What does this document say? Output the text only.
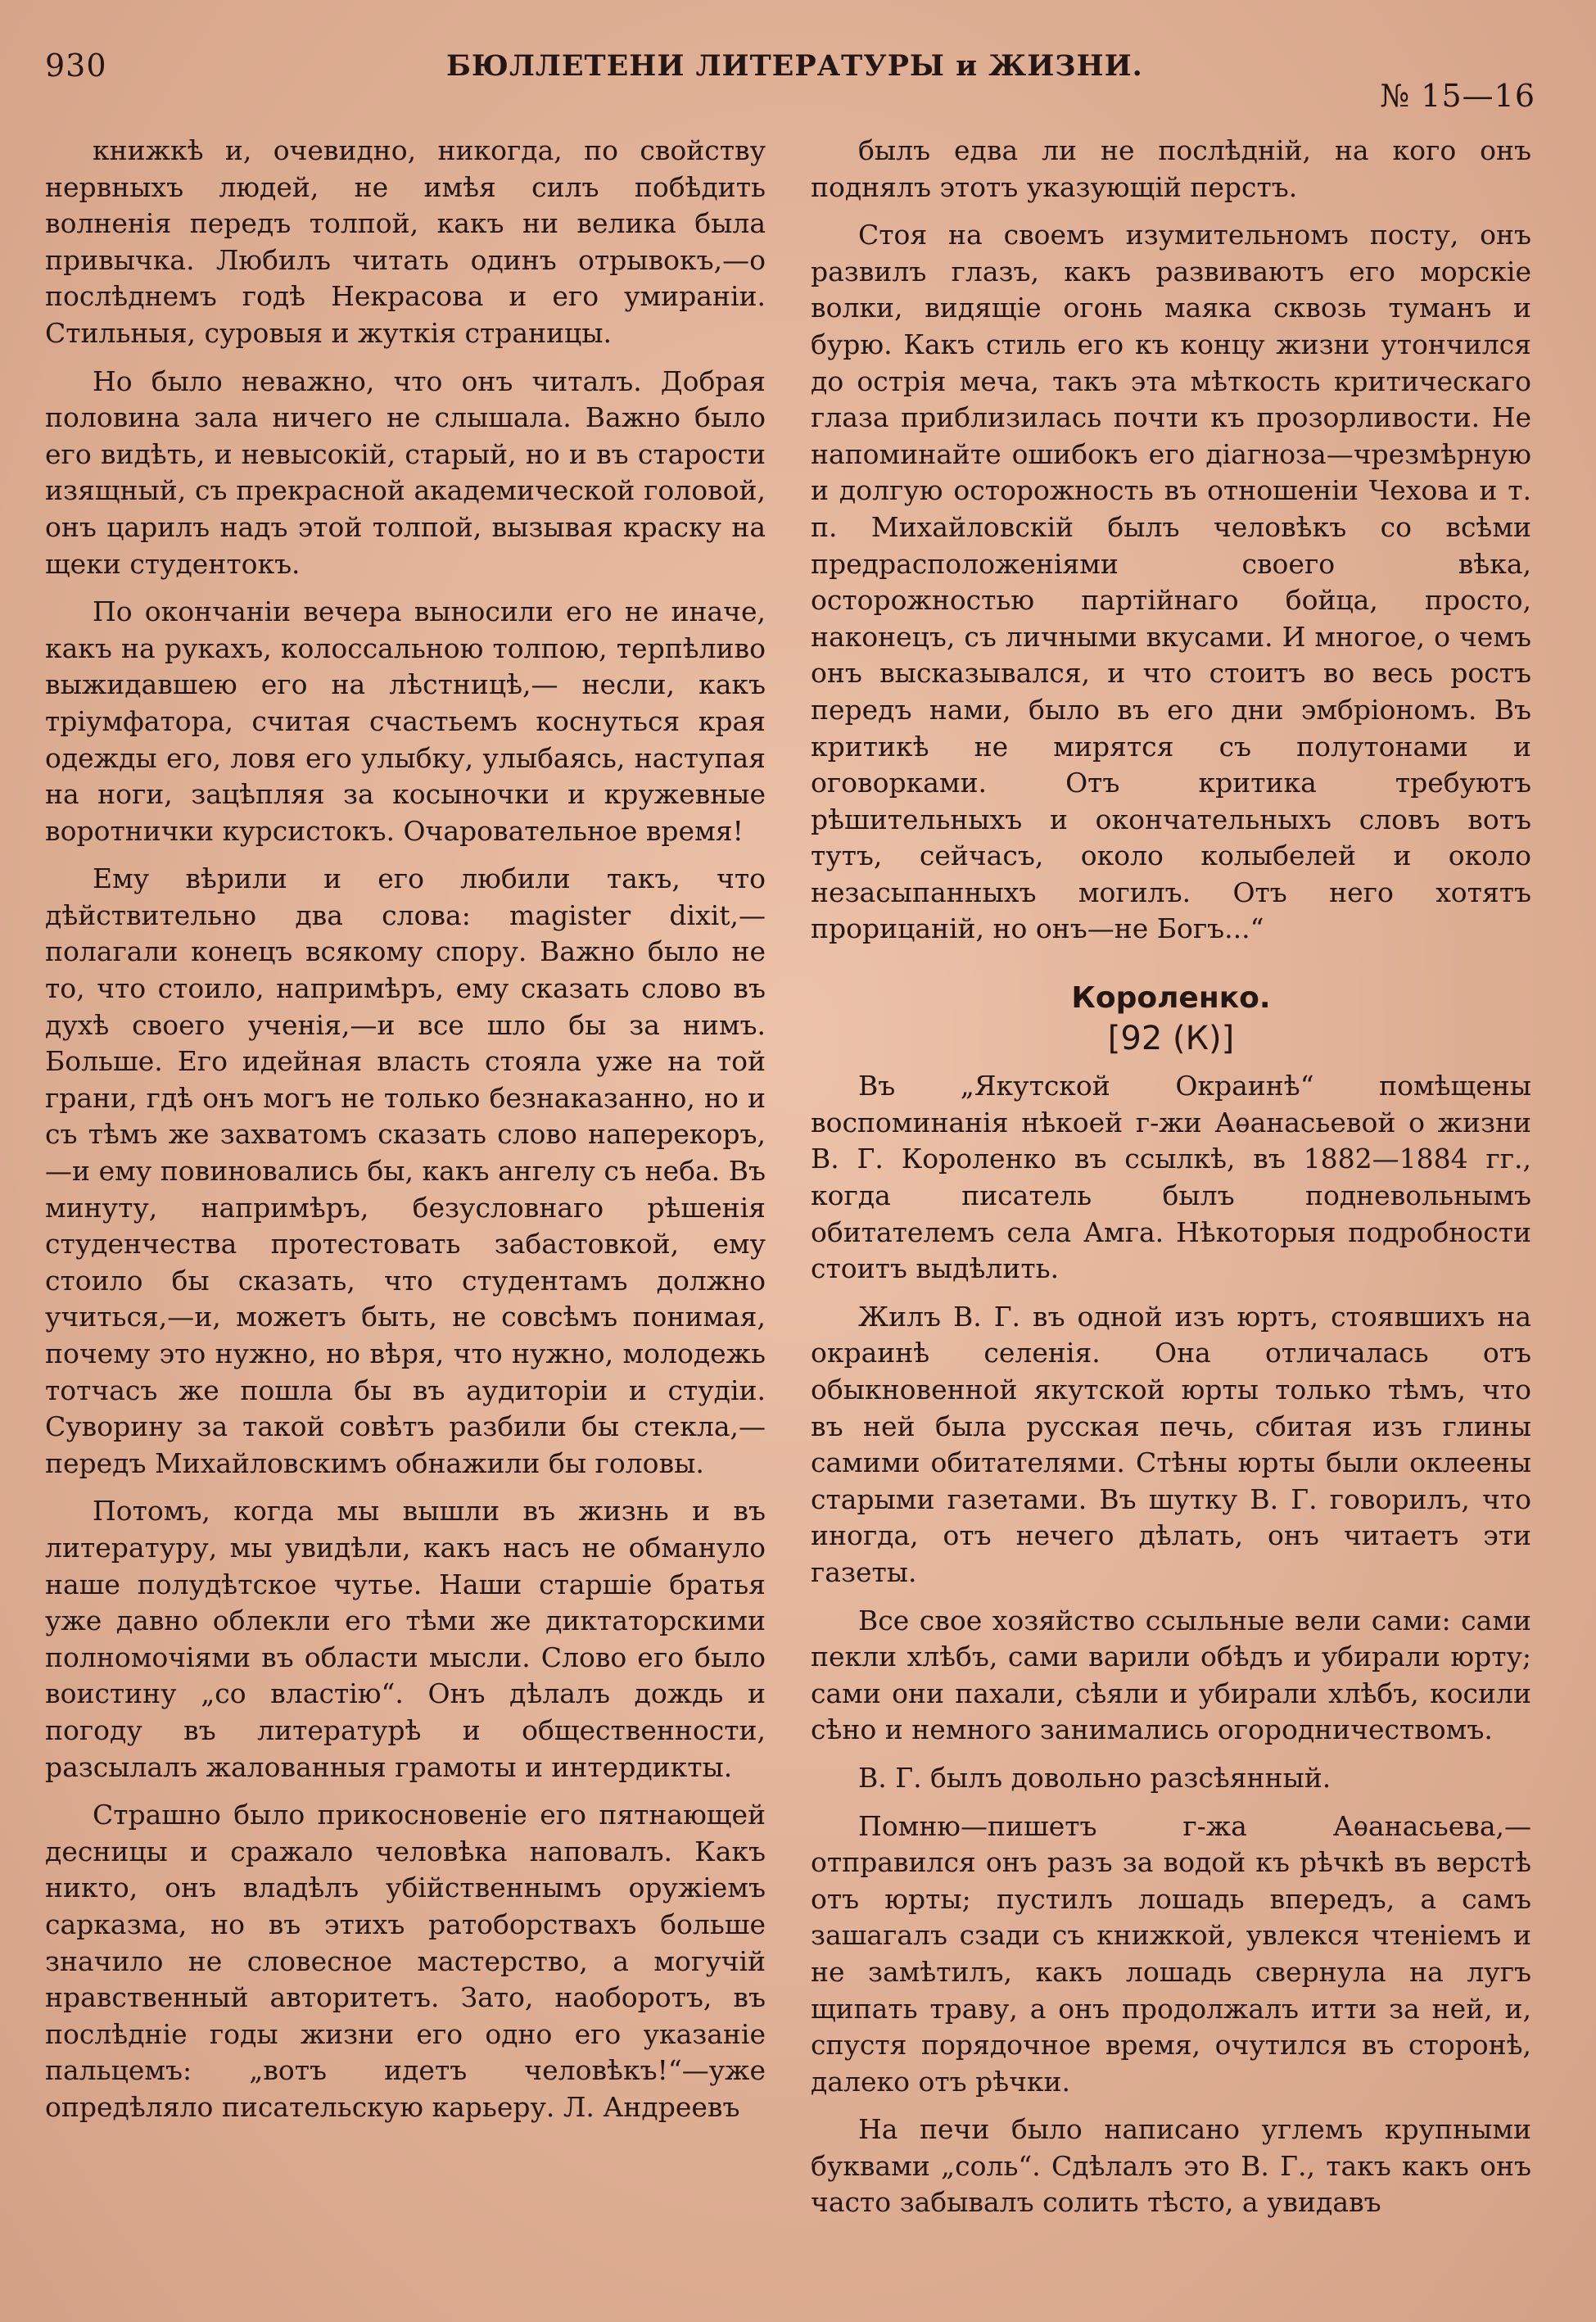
930	БЮЛЛЕТЕНИ ЛИТЕРАТУРЫ и ЖИЗНИ.
№ 15—16

книжкѣ и, очевидно, никогда, по свойству нервныхъ людей, не имѣя силъ побѣдить волненія передъ толпой, какъ ни велика была привычка. Любилъ читать одинъ отрывокъ,—о послѣднемъ годѣ Некрасова и его умираніи. Стильныя, суровыя и жуткія страницы.

Но было неважно, что онъ читалъ. Добрая половина зала ничего не слышала. Важно было его видѣть, и невысокій, старый, но и въ старости изящный, съ прекрасной академической головой, онъ царилъ надъ этой толпой, вызывая краску на щеки студентокъ.

По окончаніи вечера выносили его не иначе, какъ на рукахъ, колоссальною толпою, терпѣливо выжидавшею его на лѣстницѣ,— несли, какъ тріумфатора, считая счастьемъ коснуться края одежды его, ловя его улыбку, улыбаясь, наступая на ноги, зацѣпляя за косыночки и кружевные воротнички курсистокъ. Очаровательное время!

Ему вѣрили и его любили такъ, что дѣйствительно два слова: magister dixit,—полагали конецъ всякому спору. Важно было не то, что стоило, напримѣръ, ему сказать слово въ духѣ своего ученія,—и все шло бы за нимъ. Больше. Его идейная власть стояла уже на той грани, гдѣ онъ могъ не только безнаказанно, но и съ тѣмъ же захватомъ сказать слово наперекоръ,—и ему повиновались бы, какъ ангелу съ неба. Въ минуту, напримѣръ, безусловнаго рѣшенія студенчества протестовать забастовкой, ему стоило бы сказать, что студентамъ должно учиться,—и, можетъ быть, не совсѣмъ понимая, почему это нужно, но вѣря, что нужно, молодежь тотчасъ же пошла бы въ аудиторіи и студіи. Суворину за такой совѣтъ разбили бы стекла,—передъ Михайловскимъ обнажили бы головы.

Потомъ, когда мы вышли въ жизнь и въ литературу, мы увидѣли, какъ насъ не обмануло наше полудѣтское чутье. Наши старшіе братья уже давно облекли его тѣми же диктаторскими полномочіями въ области мысли. Слово его было воистину „со властію“. Онъ дѣлалъ дождь и погоду въ литературѣ и общественности, разсылалъ жалованныя грамоты и интердикты.

Страшно было прикосновеніе его пятнающей десницы и сражало человѣка наповалъ. Какъ никто, онъ владѣлъ убійственнымъ оружіемъ сарказма, но въ этихъ ратоборствахъ больше значило не словесное мастерство, а могучій нравственный авторитетъ. Зато, наоборотъ, въ послѣдніе годы жизни его одно его указаніе пальцемъ: „вотъ идетъ человѣкъ!“—уже опредѣляло писательскую карьеру. Л. Андреевъ

былъ едва ли не послѣдній, на кого онъ поднялъ этотъ указующій перстъ.

Стоя на своемъ изумительномъ посту, онъ развилъ глазъ, какъ развиваютъ его морскіе волки, видящіе огонь маяка сквозь туманъ и бурю. Какъ стиль его къ концу жизни утончился до острія меча, такъ эта мѣткость критическаго глаза приблизилась почти къ прозорливости. Не напоминайте ошибокъ его діагноза—чрезмѣрную и долгую осторожность въ отношеніи Чехова и т. п. Михайловскій былъ человѣкъ со всѣми предрасположеніями своего вѣка, осторожностью партійнаго бойца, просто, наконецъ, съ личными вкусами. И многое, о чемъ онъ высказывался, и что стоитъ во весь ростъ передъ нами, было въ его дни эмбріономъ. Въ критикѣ не мирятся съ полутонами и оговорками. Отъ критика требуютъ рѣшительныхъ и окончательныхъ словъ вотъ тутъ, сейчасъ, около колыбелей и около незасыпанныхъ могилъ. Отъ него хотятъ прорицаній, но онъ—не Богъ...“

Короленко.
[92 (К)]

Въ „Якутской Окраинѣ“ помѣщены воспоминанія нѣкоей г-жи Аѳанасьевой о жизни В. Г. Короленко въ ссылкѣ, въ 1882—1884 гг., когда писатель былъ подневольнымъ обитателемъ села Амга. Нѣкоторыя подробности стоитъ выдѣлить.

Жилъ В. Г. въ одной изъ юртъ, стоявшихъ на окраинѣ селенія. Она отличалась отъ обыкновенной якутской юрты только тѣмъ, что въ ней была русская печь, сбитая изъ глины самими обитателями. Стѣны юрты были оклеены старыми газетами. Въ шутку В. Г. говорилъ, что иногда, отъ нечего дѣлать, онъ читаетъ эти газеты.

Все свое хозяйство ссыльные вели сами: сами пекли хлѣбъ, сами варили обѣдъ и убирали юрту; сами они пахали, сѣяли и убирали хлѣбъ, косили сѣно и немного занимались огородничествомъ.

В. Г. былъ довольно разсѣянный.

Помню—пишетъ г-жа Аѳанасьева,—отправился онъ разъ за водой къ рѣчкѣ въ верстѣ отъ юрты; пустилъ лошадь впередъ, а самъ зашагалъ сзади съ книжкой, увлекся чтеніемъ и не замѣтилъ, какъ лошадь свернула на лугъ щипать траву, а онъ продолжалъ итти за ней, и, спустя порядочное время, очутился въ сторонѣ, далеко отъ рѣчки.

На печи было написано углемъ крупными буквами „соль“. Сдѣлалъ это В. Г., такъ какъ онъ часто забывалъ солить тѣсто, а увидавъ
